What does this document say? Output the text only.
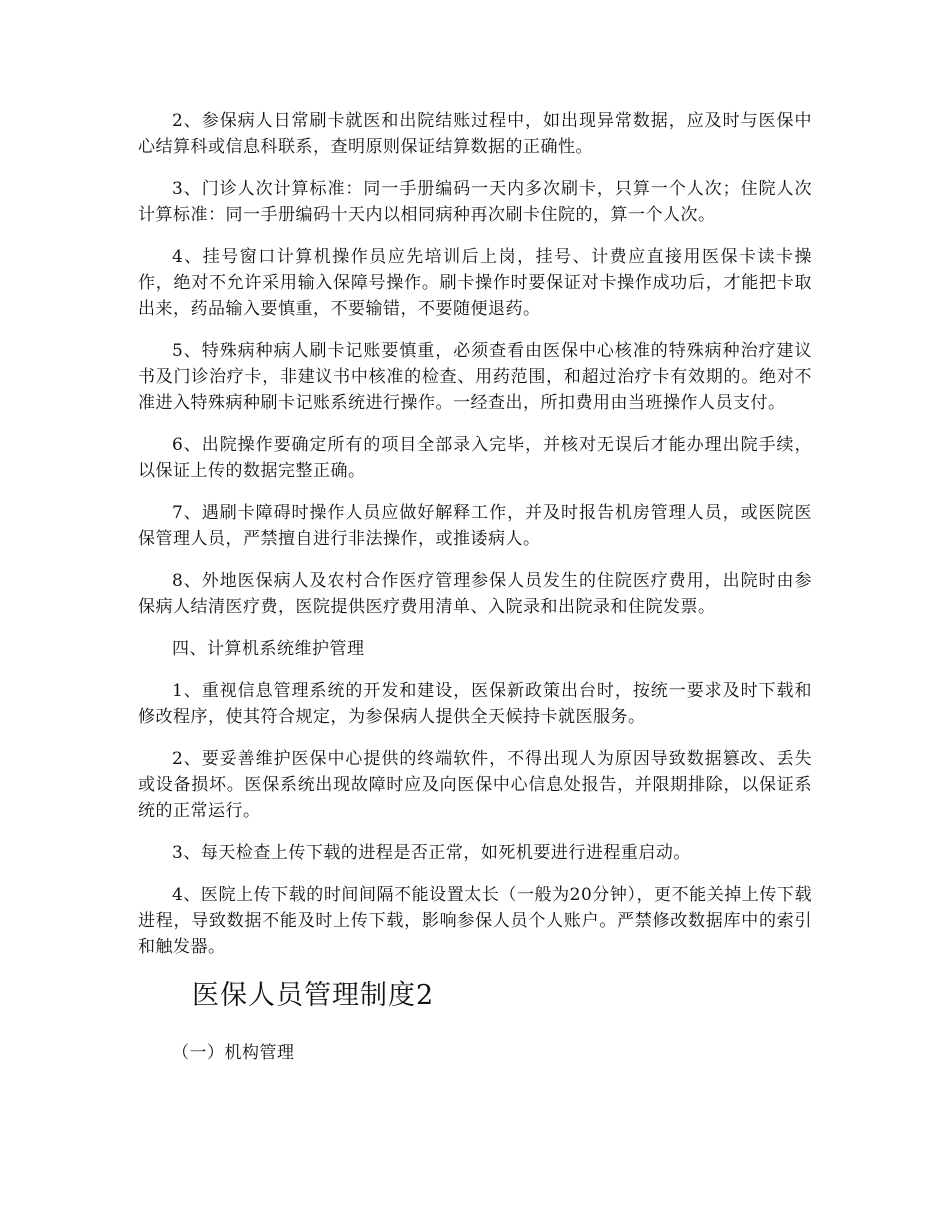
2、参保病人日常刷卡就医和出院结账过程中，如出现异常数据，应及时与医保中心结算科或信息科联系，查明原则保证结算数据的正确性。

3、门诊人次计算标准：同一手册编码一天内多次刷卡，只算一个人次；住院人次计算标准：同一手册编码十天内以相同病种再次刷卡住院的，算一个人次。

4、挂号窗口计算机操作员应先培训后上岗，挂号、计费应直接用医保卡读卡操作，绝对不允许采用输入保障号操作。刷卡操作时要保证对卡操作成功后，才能把卡取出来，药品输入要慎重，不要输错，不要随便退药。

5、特殊病种病人刷卡记账要慎重，必须查看由医保中心核准的特殊病种治疗建议书及门诊治疗卡，非建议书中核准的检查、用药范围，和超过治疗卡有效期的。绝对不准进入特殊病种刷卡记账系统进行操作。一经查出，所扣费用由当班操作人员支付。

6、出院操作要确定所有的项目全部录入完毕，并核对无误后才能办理出院手续，以保证上传的数据完整正确。

7、遇刷卡障碍时操作人员应做好解释工作，并及时报告机房管理人员，或医院医保管理人员，严禁擅自进行非法操作，或推诿病人。

8、外地医保病人及农村合作医疗管理参保人员发生的住院医疗费用，出院时由参保病人结清医疗费，医院提供医疗费用清单、入院录和出院录和住院发票。

四、计算机系统维护管理

1、重视信息管理系统的开发和建设，医保新政策出台时，按统一要求及时下载和修改程序，使其符合规定，为参保病人提供全天候持卡就医服务。

2、要妥善维护医保中心提供的终端软件，不得出现人为原因导致数据篡改、丢失或设备损坏。医保系统出现故障时应及向医保中心信息处报告，并限期排除，以保证系统的正常运行。

3、每天检查上传下载的进程是否正常，如死机要进行进程重启动。

4、医院上传下载的时间间隔不能设置太长（一般为20分钟），更不能关掉上传下载进程，导致数据不能及时上传下载，影响参保人员个人账户。严禁修改数据库中的索引和触发器。

医保人员管理制度2

（一）机构管理
